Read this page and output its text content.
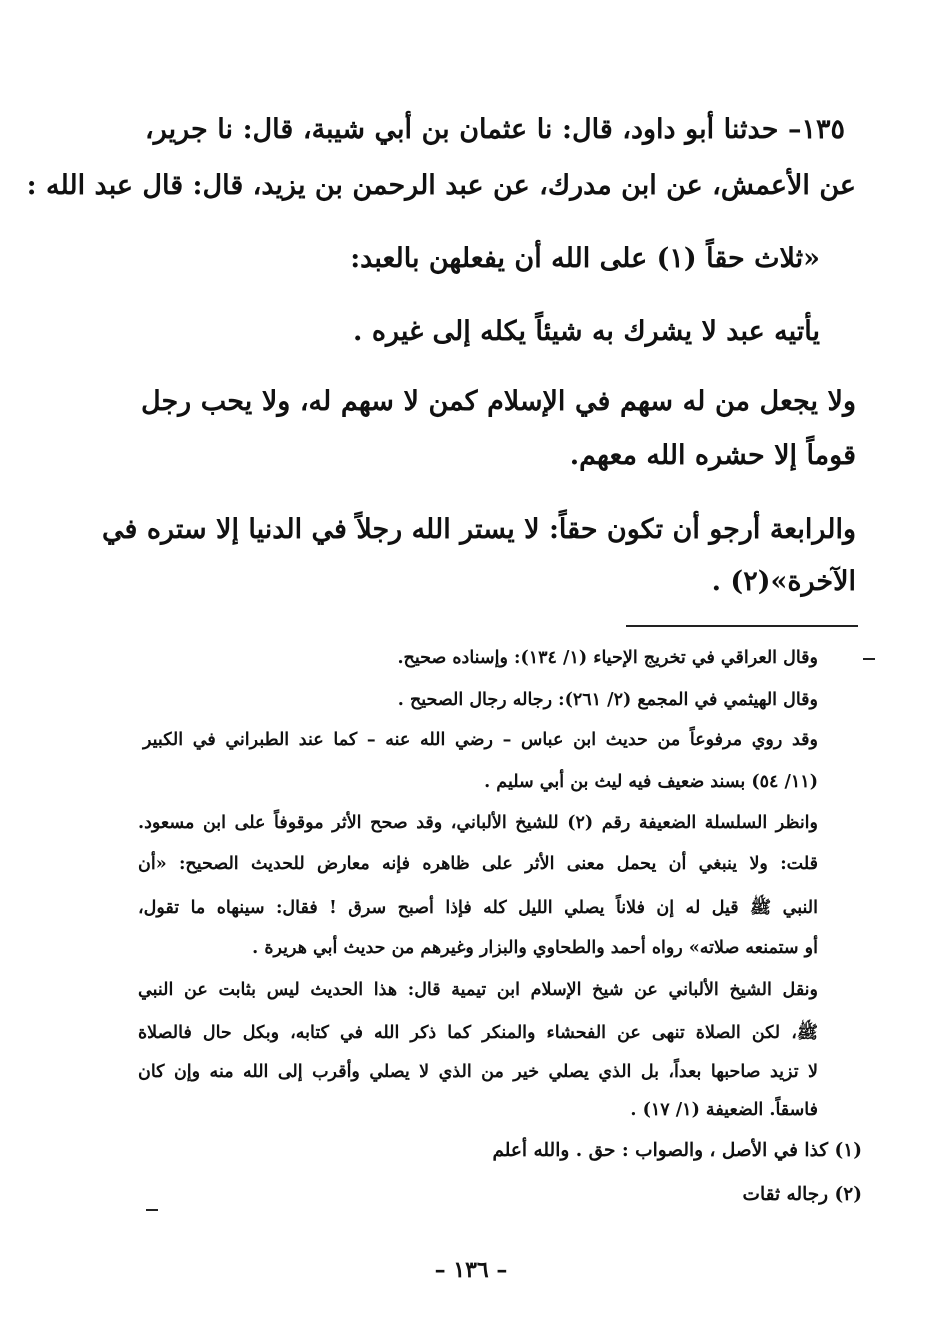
١٣٥– حدثنا أبو داود، قال: نا عثمان بن أبي شيبة، قال: نا جرير،
عن الأعمش، عن ابن مدرك، عن عبد الرحمن بن يزيد، قال: قال عبد الله :
«ثلاث حقاً (١) على الله أن يفعلهن بالعبد:
يأتيه عبد لا يشرك به شيئاً يكله إلى غيره .
ولا يجعل من له سهم في الإسلام كمن لا سهم له، ولا يحب رجل
قوماً إلا حشره الله معهم.
والرابعة أرجو أن تكون حقاً: لا يستر الله رجلاً في الدنيا إلا ستره في
الآخرة»(٢) .
وقال العراقي في تخريج الإحياء (١/ ١٣٤): وإسناده صحيح.
وقال الهيثمي في المجمع (٢/ ٢٦١): رجاله رجال الصحيح .
وقد روي مرفوعاً من حديث ابن عباس – رضي الله عنه – كما عند الطبراني في الكبير
(١١/ ٥٤) بسند ضعيف فيه ليث بن أبي سليم .
وانظر السلسلة الضعيفة رقم (٢) للشيخ الألباني، وقد صحح الأثر موقوفاً على ابن مسعود.
قلت: ولا ينبغي أن يحمل معنى الأثر على ظاهره فإنه معارض للحديث الصحيح: «أن
النبي ﷺ قيل له إن فلاناً يصلي الليل كله فإذا أصبح سرق ! فقال: سينهاه ما تقول،
أو ستمنعه صلاته» رواه أحمد والطحاوي والبزار وغيرهم من حديث أبي هريرة .
ونقل الشيخ الألباني عن شيخ الإسلام ابن تيمية قال: هذا الحديث ليس بثابت عن النبي
ﷺ، لكن الصلاة تنهى عن الفحشاء والمنكر كما ذكر الله في كتابه، وبكل حال فالصلاة
لا تزيد صاحبها بعداً، بل الذي يصلي خير من الذي لا يصلي وأقرب إلى الله منه وإن كان
فاسقاً. الضعيفة (١/ ١٧) .
(١) كذا في الأصل ، والصواب : حق . والله أعلم
(٢) رجاله ثقات
– ١٣٦ –
